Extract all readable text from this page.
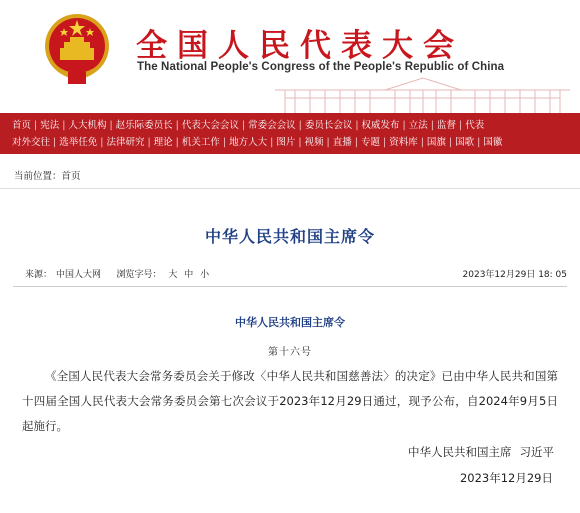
全国人民代表大会
The National People's Congress of the People's Republic of China
首页 | 宪法 | 人大机构 | 赵乐际委员长 | 代表大会会议 | 常委会会议 | 委员长会议 | 权威发布 | 立法 | 监督 | 代表
对外交往 | 选举任免 | 法律研究 | 理论 | 机关工作 | 地方人大 | 图片 | 视频 | 直播 | 专题 | 资料库 | 国旗 | 国歌 | 国徽
当前位置：首页
中华人民共和国主席令
来源： 中国人大网 浏览字号： 大 中 小	2023年12月29日 18: 05
中华人民共和国主席令
第十六号

《全国人民代表大会常务委员会关于修改〈中华人民共和国慈善法〉的决定》已由中华人民共和国第十四届全国人民代表大会常务委员会第七次会议于2023年12月29日通过，现予公布，自2024年9月5日起施行。

中华人民共和国主席 习近平
2023年12月29日
